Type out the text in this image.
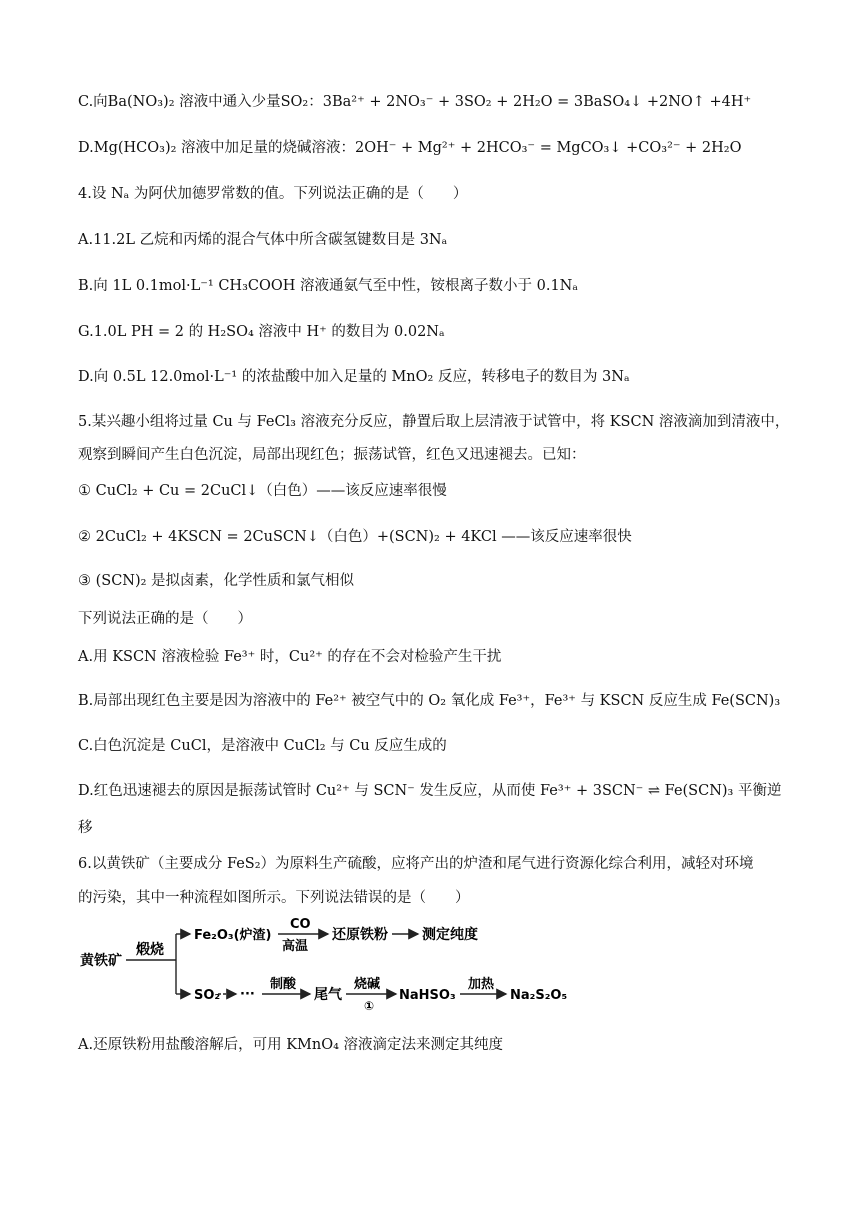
C.向Ba(NO₃)₂ 溶液中通入少量SO₂：3Ba²⁺ + 2NO₃⁻ + 3SO₂ + 2H₂O = 3BaSO₄↓ +2NO↑ +4H⁺
D.Mg(HCO₃)₂ 溶液中加足量的烧碱溶液：2OH⁻ + Mg²⁺ + 2HCO₃⁻ = MgCO₃↓ +CO₃²⁻ + 2H₂O
4.设 Nₐ 为阿伏加德罗常数的值。下列说法正确的是（　　）
A.11.2L 乙烷和丙烯的混合气体中所含碳氢键数目是 3Nₐ
B.向 1L 0.1mol·L⁻¹ CH₃COOH 溶液通氨气至中性，铵根离子数小于 0.1Nₐ
G.1.0L PH = 2 的 H₂SO₄ 溶液中 H⁺ 的数目为 0.02Nₐ
D.向 0.5L 12.0mol·L⁻¹ 的浓盐酸中加入足量的 MnO₂ 反应，转移电子的数目为 3Nₐ
5.某兴趣小组将过量 Cu 与 FeCl₃ 溶液充分反应，静置后取上层清液于试管中，将 KSCN 溶液滴加到清液中，
观察到瞬间产生白色沉淀，局部出现红色；振荡试管，红色又迅速褪去。已知：
① CuCl₂ + Cu = 2CuCl↓（白色）——该反应速率很慢
② 2CuCl₂ + 4KSCN = 2CuSCN↓（白色）+(SCN)₂ + 4KCl ——该反应速率很快
③ (SCN)₂ 是拟卤素，化学性质和氯气相似
下列说法正确的是（　　）
A.用 KSCN 溶液检验 Fe³⁺ 时，Cu²⁺ 的存在不会对检验产生干扰
B.局部出现红色主要是因为溶液中的 Fe²⁺ 被空气中的 O₂ 氧化成 Fe³⁺，Fe³⁺ 与 KSCN 反应生成 Fe(SCN)₃
C.白色沉淀是 CuCl，是溶液中 CuCl₂ 与 Cu 反应生成的
D.红色迅速褪去的原因是振荡试管时 Cu²⁺ 与 SCN⁻ 发生反应，从而使 Fe³⁺ + 3SCN⁻ ⇌ Fe(SCN)₃ 平衡逆
移
6.以黄铁矿（主要成分 FeS₂）为原料生产硫酸，应将产出的炉渣和尾气进行资源化综合利用，减轻对环境
的污染，其中一种流程如图所示。下列说法错误的是（　　）
A.还原铁粉用盐酸溶解后，可用 KMnO₄ 溶液滴定法来测定其纯度
黄铁矿
煅烧
Fe₂O₃(炉渣)
CO
高温
还原铁粉 测定纯度
SO₂ ···
制酸
尾气
烧碱
①
NaHSO₃
加热
Na₂S₂O₅
